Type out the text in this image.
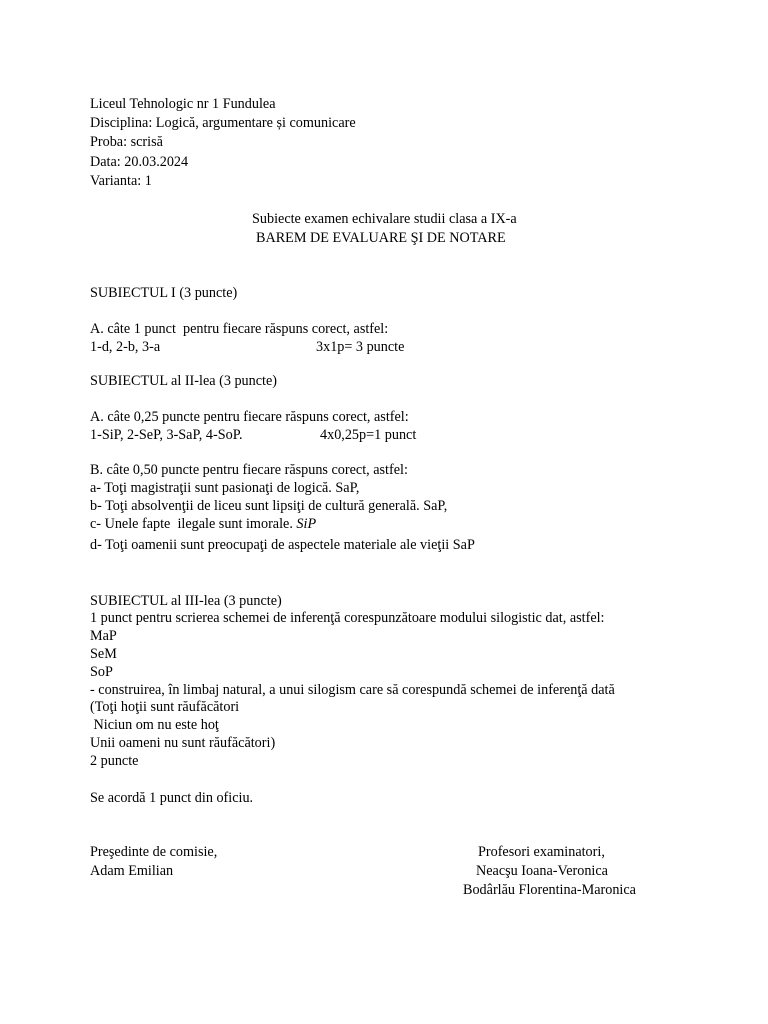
Liceul Tehnologic nr 1 Fundulea
Disciplina: Logică, argumentare și comunicare
Proba: scrisă
Data: 20.03.2024
Varianta: 1
Subiecte examen echivalare studii clasa a IX-a
BAREM DE EVALUARE ŞI DE NOTARE
SUBIECTUL I (3 puncte)
A. câte 1 punct  pentru fiecare răspuns corect, astfel:
1-d, 2-b, 3-a	3x1p= 3 puncte
SUBIECTUL al II-lea (3 puncte)
A. câte 0,25 puncte pentru fiecare răspuns corect, astfel:
1-SiP, 2-SeP, 3-SaP, 4-SoP.	4x0,25p=1 punct
B. câte 0,50 puncte pentru fiecare răspuns corect, astfel:
a- Toţi magistraţii sunt pasionaţi de logică. SaP,
b- Toţi absolvenţii de liceu sunt lipsiţi de cultură generală. SaP,
c- Unele fapte  ilegale sunt imorale. SiP
d- Toţi oamenii sunt preocupaţi de aspectele materiale ale vieţii SaP
SUBIECTUL al III-lea (3 puncte)
1 punct pentru scrierea schemei de inferenţă corespunzătoare modului silogistic dat, astfel:
MaP
SeM
SoP
- construirea, în limbaj natural, a unui silogism care să corespundă schemei de inferenţă dată
(Toţi hoţii sunt răufăcători
Niciun om nu este hoţ
Unii oameni nu sunt răufăcători)
2 puncte
Se acordă 1 punct din oficiu.
Preşedinte de comisie,
Adam Emilian
Profesori examinatori,
Neacşu Ioana-Veronica
Bodârlău Florentina-Maronica
